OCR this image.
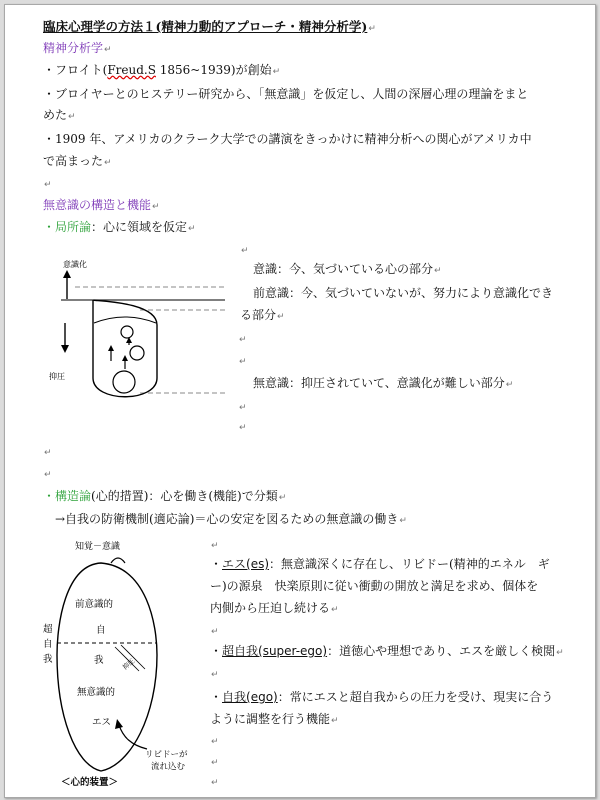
臨床心理学の方法１(精神力動的アプローチ・精神分析学)↵
精神分析学↵
・フロイト(Freud.S 1856~1939)が創始↵
・ブロイヤーとのヒステリー研究から、「無意識」を仮定し、人間の深層心理の理論をまと
めた↵
・1909 年、アメリカのクラーク大学での講演をきっかけに精神分析への関心がアメリカ中
で高まった↵
↵
無意識の構造と機能↵
・局所論：心に領域を仮定↵
意識化
抑圧
↵
意識：今、気づいている心の部分↵
前意識：今、気づいていないが、努力により意識化でき
る部分↵
↵
↵
無意識：抑圧されていて、意識化が難しい部分↵
↵
↵
↵
↵
・構造論(心的措置)：心を働き(機能)で分類↵
→自我の防衛機制(適応論)＝心の安定を図るための無意識の働き↵
知覚－意識
前意識的
自
我
超
自
我	抑圧
無意識的
エス
リビドーが
流れ込む
＜心的装置＞
↵
・エス(es)：無意識深くに存在し、リビドー(精神的エネル　ギ
ー)の源泉　快楽原則に従い衝動の開放と満足を求め、個体を
内側から圧迫し続ける↵
↵
・超自我(super-ego)：道徳心や理想であり、エスを厳しく検閲↵
↵
・自我(ego)：常にエスと超自我からの圧力を受け、現実に合う
ように調整を行う機能↵
↵
↵
↵
